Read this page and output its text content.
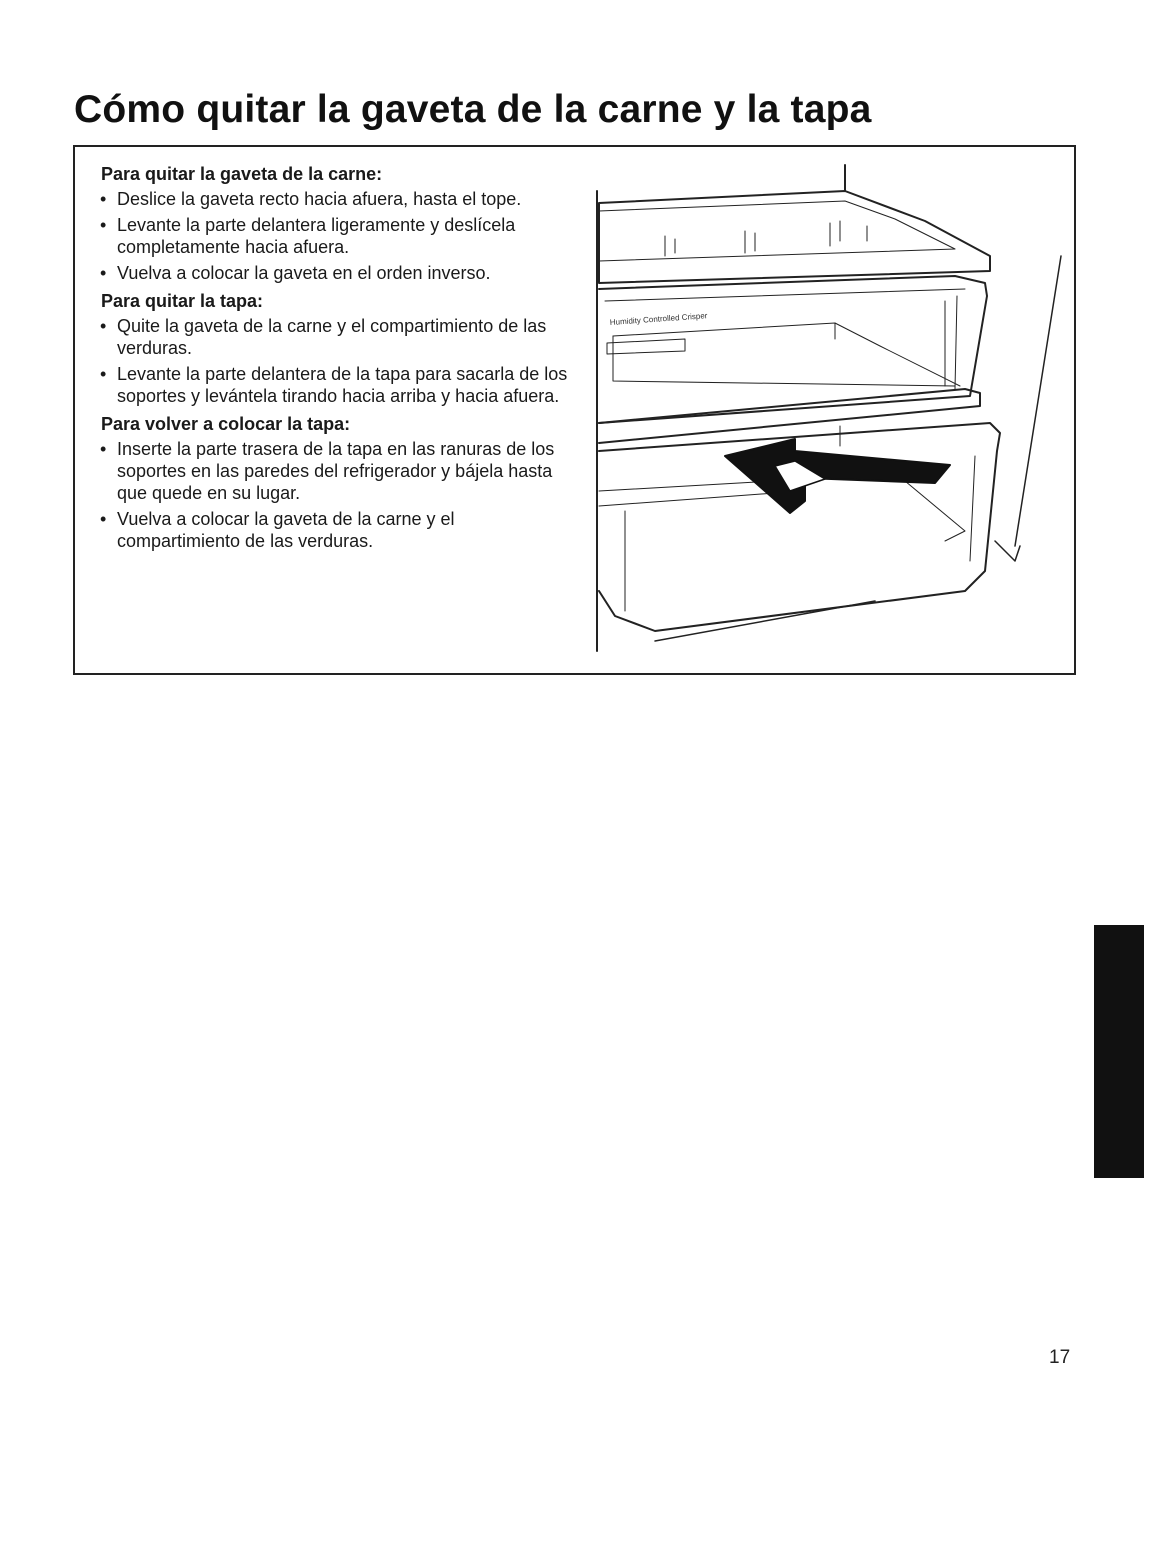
Cómo quitar la gaveta de la carne y la tapa
Para quitar la gaveta de la carne:
• Deslice la gaveta recto hacia afuera, hasta el tope.
• Levante la parte delantera ligeramente y deslícela completamente hacia afuera.
• Vuelva a colocar la gaveta en el orden inverso.
Para quitar la tapa:
• Quite la gaveta de la carne y el compartimiento de las verduras.
• Levante la parte delantera de la tapa para sacarla de los soportes y levántela tirando hacia arriba y hacia afuera.
Para volver a colocar la tapa:
• Inserte la parte trasera de la tapa en las ranuras de los soportes en las paredes del refrigerador y bájela hasta que quede en su lugar.
• Vuelva a colocar la gaveta de la carne y el compartimiento de las verduras.
Humidity Controlled Crisper
17
